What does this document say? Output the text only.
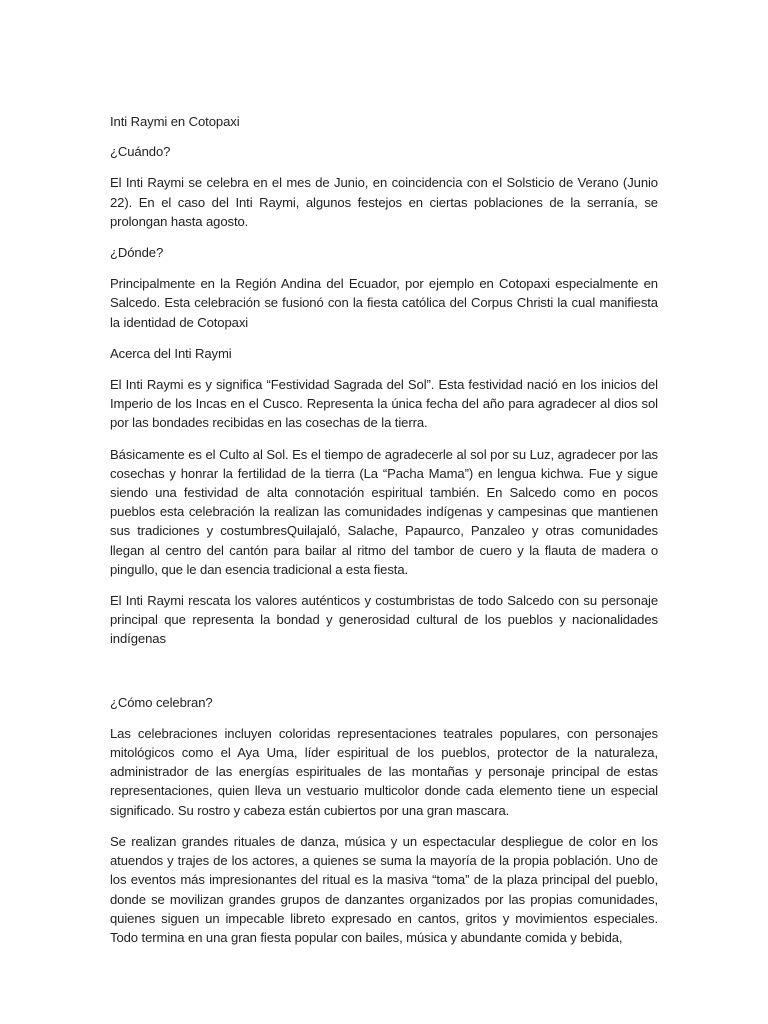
Inti Raymi en Cotopaxi

¿Cuándo?

El Inti Raymi se celebra en el mes de Junio, en coincidencia con el Solsticio de Verano (Junio 22). En el caso del Inti Raymi, algunos festejos en ciertas poblaciones de la serranía, se prolongan hasta agosto.

¿Dónde?

Principalmente en la Región Andina del Ecuador, por ejemplo en Cotopaxi especialmente en Salcedo. Esta celebración se fusionó con la fiesta católica del Corpus Christi la cual manifiesta la identidad de Cotopaxi

Acerca del Inti Raymi

El Inti Raymi es y significa “Festividad Sagrada del Sol”. Esta festividad nació en los inicios del Imperio de los Incas en el Cusco. Representa la única fecha del año para agradecer al dios sol por las bondades recibidas en las cosechas de la tierra.

Básicamente es el Culto al Sol. Es el tiempo de agradecerle al sol por su Luz, agradecer por las cosechas y honrar la fertilidad de la tierra (La “Pacha Mama”) en lengua kichwa. Fue y sigue siendo una festividad de alta connotación espiritual también. En Salcedo como en pocos pueblos esta celebración la realizan las comunidades indígenas y campesinas que mantienen sus tradiciones y costumbresQuilajaló, Salache, Papaurco, Panzaleo y otras comunidades llegan al centro del cantón para bailar al ritmo del tambor de cuero y la flauta de madera o pingullo, que le dan esencia tradicional a esta fiesta.

El Inti Raymi rescata los valores auténticos y costumbristas de todo Salcedo con su personaje principal que representa la bondad y generosidad cultural de los pueblos y nacionalidades indígenas

¿Cómo celebran?

Las celebraciones incluyen coloridas representaciones teatrales populares, con personajes mitológicos como el Aya Uma, líder espiritual de los pueblos, protector de la naturaleza, administrador de las energías espirituales de las montañas y personaje principal de estas representaciones, quien lleva un vestuario multicolor donde cada elemento tiene un especial significado. Su rostro y cabeza están cubiertos por una gran mascara.

Se realizan grandes rituales de danza, música y un espectacular despliegue de color en los atuendos y trajes de los actores, a quienes se suma la mayoría de la propia población. Uno de los eventos más impresionantes del ritual es la masiva “toma” de la plaza principal del pueblo, donde se movilizan grandes grupos de danzantes organizados por las propias comunidades, quienes siguen un impecable libreto expresado en cantos, gritos y movimientos especiales. Todo termina en una gran fiesta popular con bailes, música y abundante comida y bebida,
